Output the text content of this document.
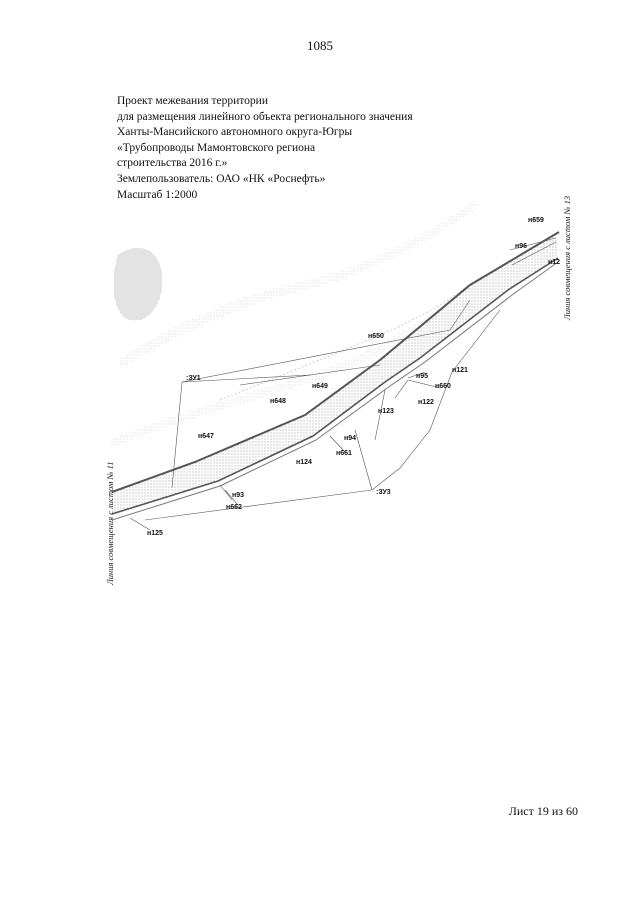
1085
Проект межевания территории
для размещения линейного объекта регионального значения
Ханты-Мансийского автономного округа-Югры
«Трубопроводы Мамонтовского региона
строительства 2016 г.»
Землепользователь: ОАО «НК «Роснефть»
Масштаб 1:2000
Линия совмещения с листом № 11
Линия совмещения с листом № 13
:ЗУ1
:ЗУ3
н659
н96
н12
н650
н649
н648
н647
н95
н121
н660
н122
н123
н94
н661
н124
н93
н662
н125
Лист 19 из 60
